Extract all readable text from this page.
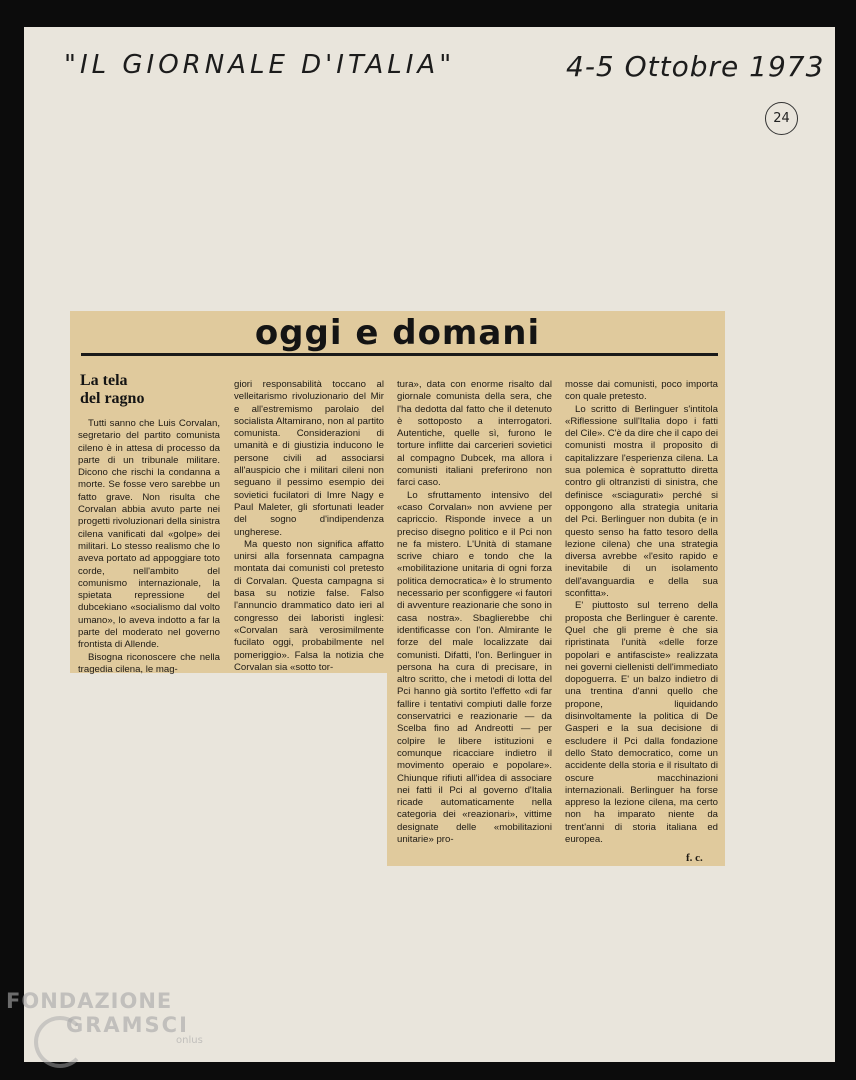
"IL GIORNALE D'ITALIA"	4-5 Ottobre 1973
24
oggi e domani
La tela
del ragno

Tutti sanno che Luis Corvalan, segretario del partito comunista cileno è in attesa di processo da parte di un tribunale militare. Dicono che rischi la condanna a morte. Se fosse vero sarebbe un fatto grave. Non risulta che Corvalan abbia avuto parte nei progetti rivoluzionari della sinistra cilena vanificati dal «golpe» dei militari. Lo stesso realismo che lo aveva portato ad appoggiare toto corde, nell'ambito del comunismo internazionale, la spietata repressione del dubcekiano «socialismo dal volto umano», lo aveva indotto a far la parte del moderato nel governo frontista di Allende.

Bisogna riconoscere che nella tragedia cilena, le mag-

giori responsabilità toccano al velleitarismo rivoluzionario del Mir e all'estremismo parolaio del socialista Altamirano, non al partito comunista. Considerazioni di umanità e di giustizia inducono le persone civili ad associarsi all'auspicio che i militari cileni non seguano il pessimo esempio dei sovietici fucilatori di Imre Nagy e Paul Maleter, gli sfortunati leader del sogno d'indipendenza ungherese.

Ma questo non significa affatto unirsi alla forsennata campagna montata dai comunisti col pretesto di Corvalan. Questa campagna si basa su notizie false. Falso l'annuncio drammatico dato ieri al congresso dei laboristi inglesi: «Corvalan sarà verosimilmente fucilato oggi, probabilmente nel pomeriggio». Falsa la notizia che Corvalan sia «sotto tor-

tura», data con enorme risalto dal giornale comunista della sera, che l'ha dedotta dal fatto che il detenuto è sottoposto a interrogatori. Autentiche, quelle sì, furono le torture inflitte dai carcerieri sovietici al compagno Dubcek, ma allora i comunisti italiani preferirono non farci caso.

Lo sfruttamento intensivo del «caso Corvalan» non avviene per capriccio. Risponde invece a un preciso disegno politico e il Pci non ne fa mistero. L'Unità di stamane scrive chiaro e tondo che la «mobilitazione unitaria di ogni forza politica democratica» è lo strumento necessario per sconfiggere «i fautori di avventure reazionarie che sono in casa nostra». Sbaglierebbe chi identificasse con l'on. Almirante le forze del male localizzate dai comunisti. Difatti, l'on. Berlinguer in persona ha cura di precisare, in altro scritto, che i metodi di lotta del Pci hanno già sortito l'effetto «di far fallire i tentativi compiuti dalle forze conservatrici e reazionarie — da Scelba fino ad Andreotti — per colpire le libere istituzioni e comunque ricacciare indietro il movimento operaio e popolare». Chiunque rifiuti all'idea di associare nei fatti il Pci al governo d'Italia ricade automaticamente nella categoria dei «reazionari», vittime designate delle «mobilitazioni unitarie» pro-

mosse dai comunisti, poco importa con quale pretesto.

Lo scritto di Berlinguer s'intitola «Riflessione sull'Italia dopo i fatti del Cile». C'è da dire che il capo dei comunisti mostra il proposito di capitalizzare l'esperienza cilena. La sua polemica è soprattutto diretta contro gli oltranzisti di sinistra, che definisce «sciagurati» perché si oppongono alla strategia unitaria del Pci. Berlinguer non dubita (e in questo senso ha fatto tesoro della lezione cilena) che una strategia diversa avrebbe «l'esito rapido e inevitabile di un isolamento dell'avanguardia e della sua sconfitta».

E' piuttosto sul terreno della proposta che Berlinguer è carente. Quel che gli preme è che sia ripristinata l'unità «delle forze popolari e antifasciste» realizzata nei governi ciellenisti dell'immediato dopoguerra. E' un balzo indietro di una trentina d'anni quello che propone, liquidando disinvoltamente la politica di De Gasperi e la sua decisione di escludere il Pci dalla fondazione dello Stato democratico, come un accidente della storia e il risultato di oscure macchinazioni internazionali. Berlinguer ha forse appreso la lezione cilena, ma certo non ha imparato niente da trent'anni di storia italiana ed europea.

f. c.
FONDAZIONE
GRAMSCI
onlus
